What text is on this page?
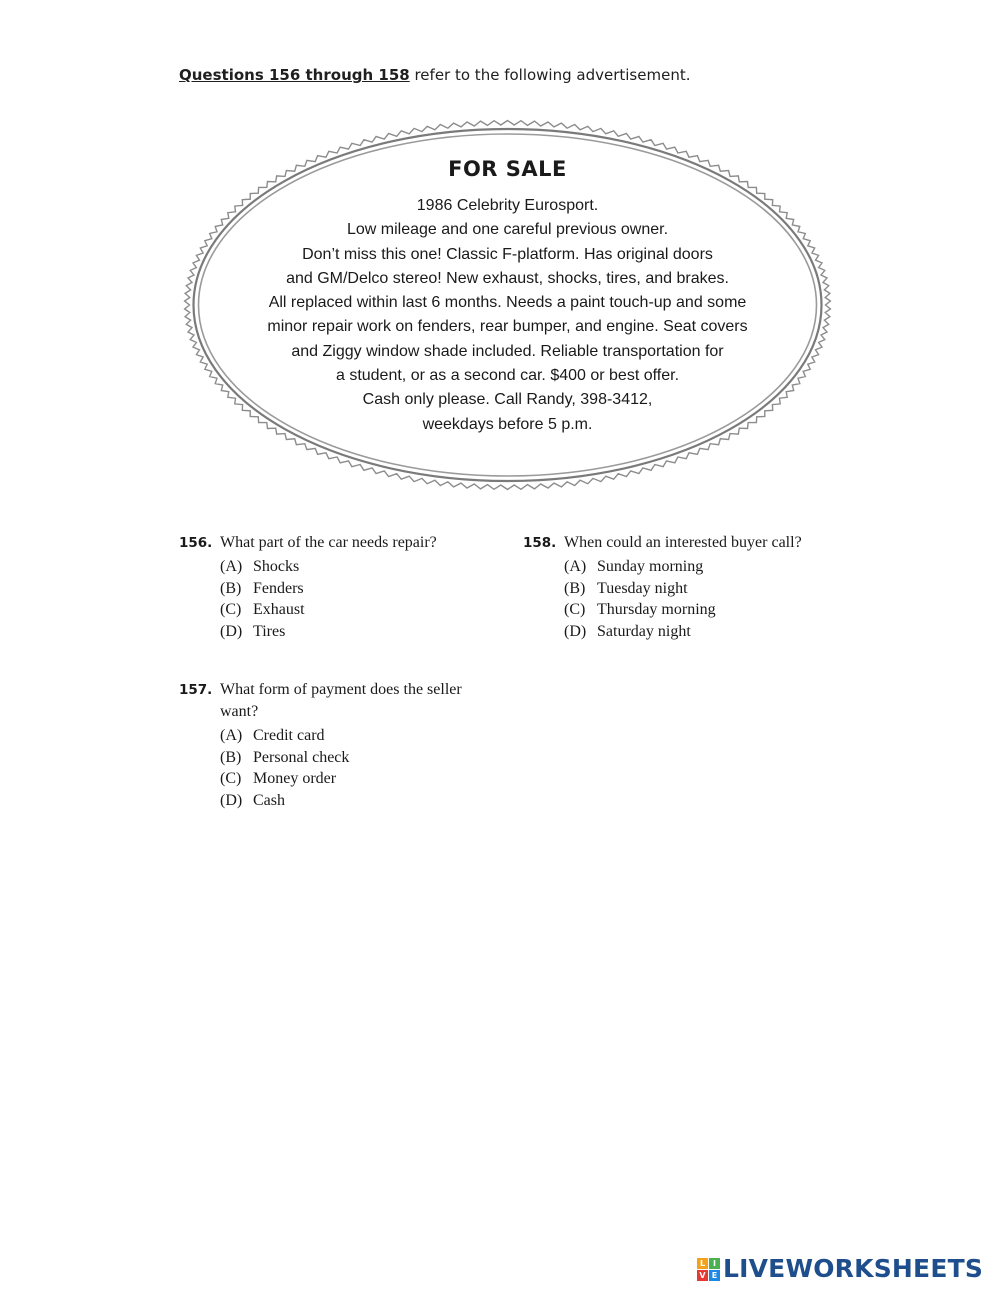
Questions 156 through 158 refer to the following advertisement.
FOR SALE
1986 Celebrity Eurosport.
Low mileage and one careful previous owner.
Don’t miss this one! Classic F-platform. Has original doors
and GM/Delco stereo! New exhaust, shocks, tires, and brakes.
All replaced within last 6 months. Needs a paint touch-up and some
minor repair work on fenders, rear bumper, and engine. Seat covers
and Ziggy window shade included. Reliable transportation for
a student, or as a second car. $400 or best offer.
Cash only please. Call Randy, 398-3412,
weekdays before 5 p.m.
156. What part of the car needs repair?
(A) Shocks
(B) Fenders
(C) Exhaust
(D) Tires
157. What form of payment does the seller want?
(A) Credit card
(B) Personal check
(C) Money order
(D) Cash
158. When could an interested buyer call?
(A) Sunday morning
(B) Tuesday night
(C) Thursday morning
(D) Saturday night
L I
V E LIVEWORKSHEETS
